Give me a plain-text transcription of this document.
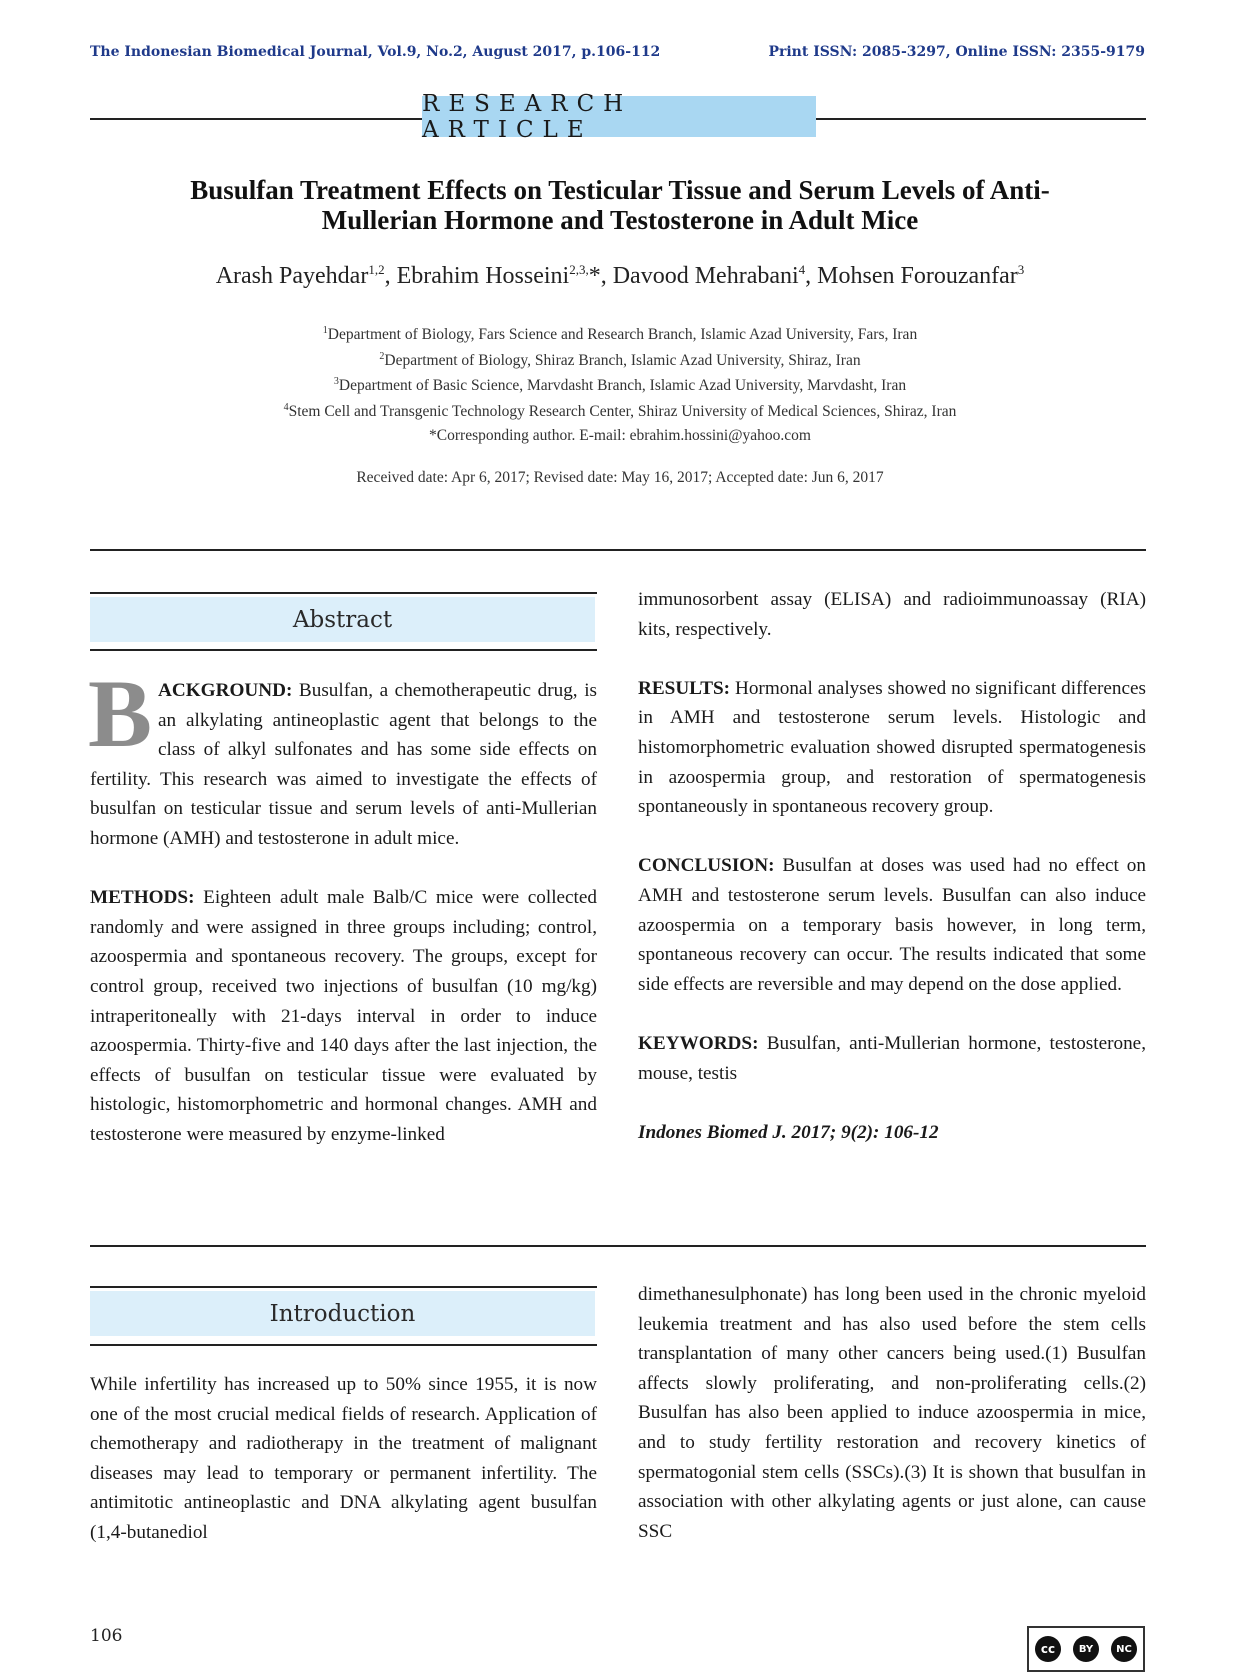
The Indonesian Biomedical Journal, Vol.9, No.2, August 2017, p.106-112	Print ISSN: 2085-3297, Online ISSN: 2355-9179
RESEARCH ARTICLE
Busulfan Treatment Effects on Testicular Tissue and Serum Levels of Anti-
Mullerian Hormone and Testosterone in Adult Mice
Arash Payehdar$^{1,2}$, Ebrahim Hosseini$^{2,3,}$*, Davood Mehrabani$^4$, Mohsen Forouzanfar$^3$
$^1$Department of Biology, Fars Science and Research Branch, Islamic Azad University, Fars, Iran
$^2$Department of Biology, Shiraz Branch, Islamic Azad University, Shiraz, Iran
$^3$Department of Basic Science, Marvdasht Branch, Islamic Azad University, Marvdasht, Iran
$^4$Stem Cell and Transgenic Technology Research Center, Shiraz University of Medical Sciences, Shiraz, Iran
*Corresponding author. E-mail: ebrahim.hossini@yahoo.com
Received date: Apr 6, 2017; Revised date: May 16, 2017; Accepted date: Jun 6, 2017
Abstract

BACKGROUND: Busulfan, a chemotherapeutic drug, is an alkylating antineoplastic agent that belongs to the class of alkyl sulfonates and has some side effects on fertility. This research was aimed to investigate the effects of busulfan on testicular tissue and serum levels of anti-Mullerian hormone (AMH) and testosterone in adult mice.

METHODS: Eighteen adult male Balb/C mice were collected randomly and were assigned in three groups including; control, azoospermia and spontaneous recovery. The groups, except for control group, received two injections of busulfan (10 mg/kg) intraperitoneally with 21-days interval in order to induce azoospermia. Thirty-five and 140 days after the last injection, the effects of busulfan on testicular tissue were evaluated by histologic, histomorphometric and hormonal changes. AMH and testosterone were measured by enzyme-linked

immunosorbent assay (ELISA) and radioimmunoassay (RIA) kits, respectively.

RESULTS: Hormonal analyses showed no significant differences in AMH and testosterone serum levels. Histologic and histomorphometric evaluation showed disrupted spermatogenesis in azoospermia group, and restoration of spermatogenesis spontaneously in spontaneous recovery group.

CONCLUSION: Busulfan at doses was used had no effect on AMH and testosterone serum levels. Busulfan can also induce azoospermia on a temporary basis however, in long term, spontaneous recovery can occur. The results indicated that some side effects are reversible and may depend on the dose applied.

KEYWORDS: Busulfan, anti-Mullerian hormone, testosterone, mouse, testis

Indones Biomed J. 2017; 9(2): 106-12

Introduction

While infertility has increased up to 50% since 1955, it is now one of the most crucial medical fields of research. Application of chemotherapy and radiotherapy in the treatment of malignant diseases may lead to temporary or permanent infertility. The antimitotic antineoplastic and DNA alkylating agent busulfan (1,4-butanediol

dimethanesulphonate) has long been used in the chronic myeloid leukemia treatment and has also used before the stem cells transplantation of many other cancers being used.(1) Busulfan affects slowly proliferating, and non-proliferating cells.(2) Busulfan has also been applied to induce azoospermia in mice, and to study fertility restoration and recovery kinetics of spermatogonial stem cells (SSCs).(3) It is shown that busulfan in association with other alkylating agents or just alone, can cause SSC

106
cc	BY	NC
